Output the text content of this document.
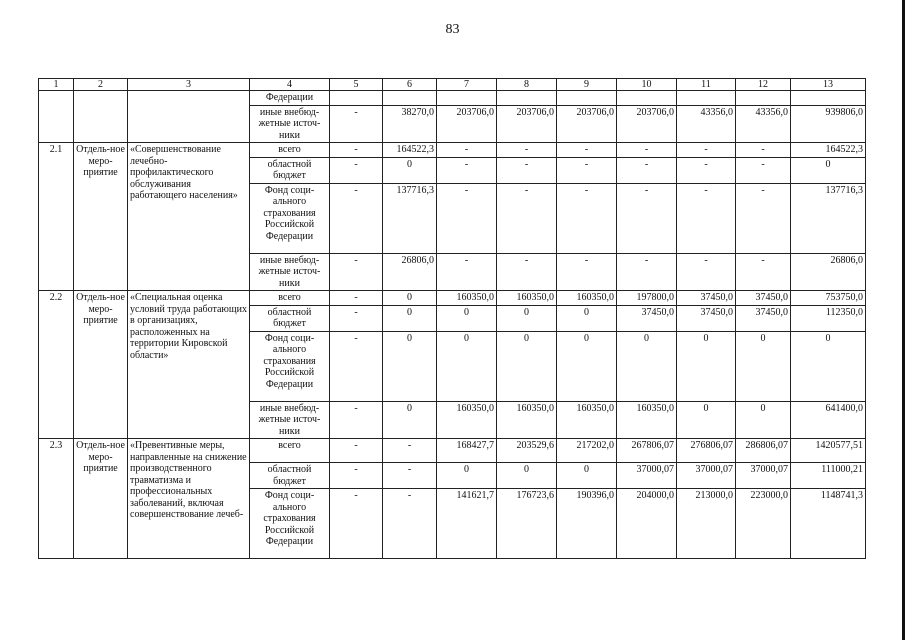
83
1	2	3	4	5	6	7	8	9	10	11	12	13
			Федерации									
			иные внебюд-жетные источ-ники	-	38270,0	203706,0	203706,0	203706,0	203706,0	43356,0	43356,0	939806,0
2.1	Отдель-ное меро-приятие	«Совершенствование лечебно-профилактического обслуживания работающего населения»	всего	-	164522,3	-	-	-	-	-	-	164522,3
			областной бюджет	-	0	-	-	-	-	-	-	0
			Фонд соци-ального страхования Российской Федерации	-	137716,3	-	-	-	-	-	-	137716,3
			иные внебюд-жетные источ-ники	-	26806,0	-	-	-	-	-	-	26806,0
2.2	Отдель-ное меро-приятие	«Специальная оценка условий труда работающих в организациях, расположенных на территории Кировской области»	всего	-	0	160350,0	160350,0	160350,0	197800,0	37450,0	37450,0	753750,0
			областной бюджет	-	0	0	0	0	37450,0	37450,0	37450,0	112350,0
			Фонд соци-ального страхования Российской Федерации	-	0	0	0	0	0	0	0	0
			иные внебюд-жетные источ-ники	-	0	160350,0	160350,0	160350,0	160350,0	0	0	641400,0
2.3	Отдель-ное меро-приятие	«Превентивные меры, направленные на снижение производственного травматизма и профессиональных заболеваний, включая совершенствование лечеб-	всего	-	-	168427,7	203529,6	217202,0	267806,07	276806,07	286806,07	1420577,51
			областной бюджет	-	-	0	0	0	37000,07	37000,07	37000,07	111000,21
			Фонд соци-ального страхования Российской Федерации	-	-	141621,7	176723,6	190396,0	204000,0	213000,0	223000,0	1148741,3
